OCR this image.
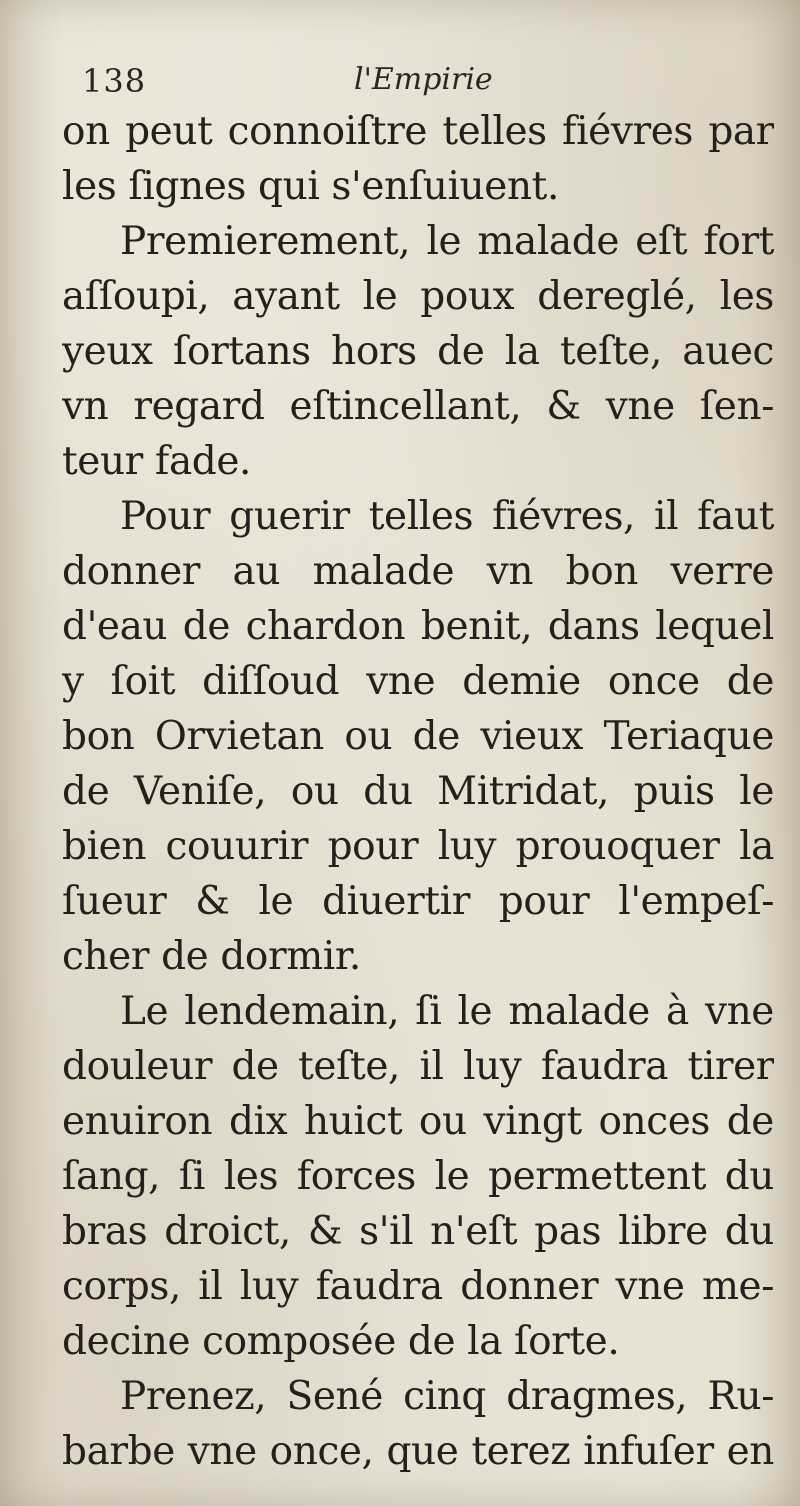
138	l'Empirie
on peut connoiſtre telles fiévres par
les ſignes qui s'enſuiuent.
Premierement, le malade eſt fort
aſſoupi, ayant le poux dereglé, les
yeux ſortans hors de la teſte, auec
vn regard eſtincellant, & vne ſen-
teur fade.
Pour guerir telles fiévres, il faut
donner au malade vn bon verre
d'eau de chardon benit, dans lequel
y ſoit diſſoud vne demie once de
bon Orvietan ou de vieux Teriaque
de Veniſe, ou du Mitridat, puis le
bien couurir pour luy prouoquer la
ſueur & le diuertir pour l'empeſ-
cher de dormir.
Le lendemain, ſi le malade à vne
douleur de teſte, il luy faudra tirer
enuiron dix huict ou vingt onces de
ſang, ſi les forces le permettent du
bras droict, & s'il n'eſt pas libre du
corps, il luy faudra donner vne me-
decine composée de la ſorte.
Prenez, Sené cinq dragmes, Ru-
barbe vne once, que terez infuſer en
